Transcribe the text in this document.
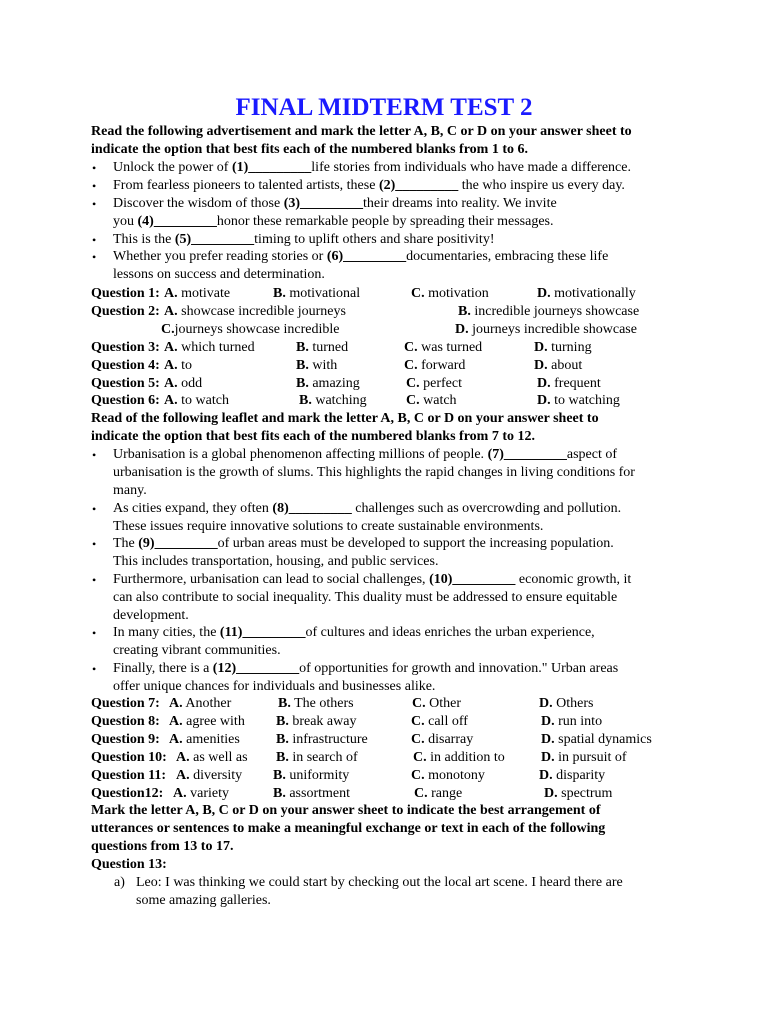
FINAL MIDTERM TEST 2
Read the following advertisement and mark the letter A, B, C or D on your answer sheet to
indicate the option that best fits each of the numbered blanks from 1 to 6.
• Unlock the power of (1)_________life stories from individuals who have made a difference.
• From fearless pioneers to talented artists, these (2)_________ the who inspire us every day.
• Discover the wisdom of those (3)_________their dreams into reality. We invite
you (4)_________honor these remarkable people by spreading their messages.
• This is the (5)_________timing to uplift others and share positivity!
• Whether you prefer reading stories or (6)_________documentaries, embracing these life
lessons on success and determination.
Question 1: A. motivate	B. motivational	C. motivation	D. motivationally
Question 2: A. showcase incredible journeys	B. incredible journeys showcase
C.journeys showcase incredible	D. journeys incredible showcase
Question 3: A. which turned	B. turned	C. was turned	D. turning
Question 4: A. to	B. with	C. forward	D. about
Question 5: A. odd	B. amazing	C. perfect	D. frequent
Question 6: A. to watch	B. watching	C. watch	D. to watching
Read of the following leaflet and mark the letter A, B, C or D on your answer sheet to
indicate the option that best fits each of the numbered blanks from 7 to 12.
• Urbanisation is a global phenomenon affecting millions of people. (7)_________aspect of
urbanisation is the growth of slums. This highlights the rapid changes in living conditions for
many.
• As cities expand, they often (8)_________ challenges such as overcrowding and pollution.
These issues require innovative solutions to create sustainable environments.
• The (9)_________of urban areas must be developed to support the increasing population.
This includes transportation, housing, and public services.
• Furthermore, urbanisation can lead to social challenges, (10)_________ economic growth, it
can also contribute to social inequality. This duality must be addressed to ensure equitable
development.
• In many cities, the (11)_________of cultures and ideas enriches the urban experience,
creating vibrant communities.
• Finally, there is a (12)_________of opportunities for growth and innovation." Urban areas
offer unique chances for individuals and businesses alike.
Question 7: A. Another	B. The others	C. Other	D. Others
Question 8: A. agree with B. break away	C. call off	D. run into
Question 9: A. amenities	B. infrastructure	C. disarray	D. spatial dynamics
Question 10: A. as well as B. in search of	C. in addition to	D. in pursuit of
Question 11: A. diversity B. uniformity	C. monotony	D. disparity
Question12: A. variety	B. assortment	C. range	D. spectrum
Mark the letter A, B, C or D on your answer sheet to indicate the best arrangement of
utterances or sentences to make a meaningful exchange or text in each of the following
questions from 13 to 17.
Question 13:
a) Leo: I was thinking we could start by checking out the local art scene. I heard there are
some amazing galleries.
